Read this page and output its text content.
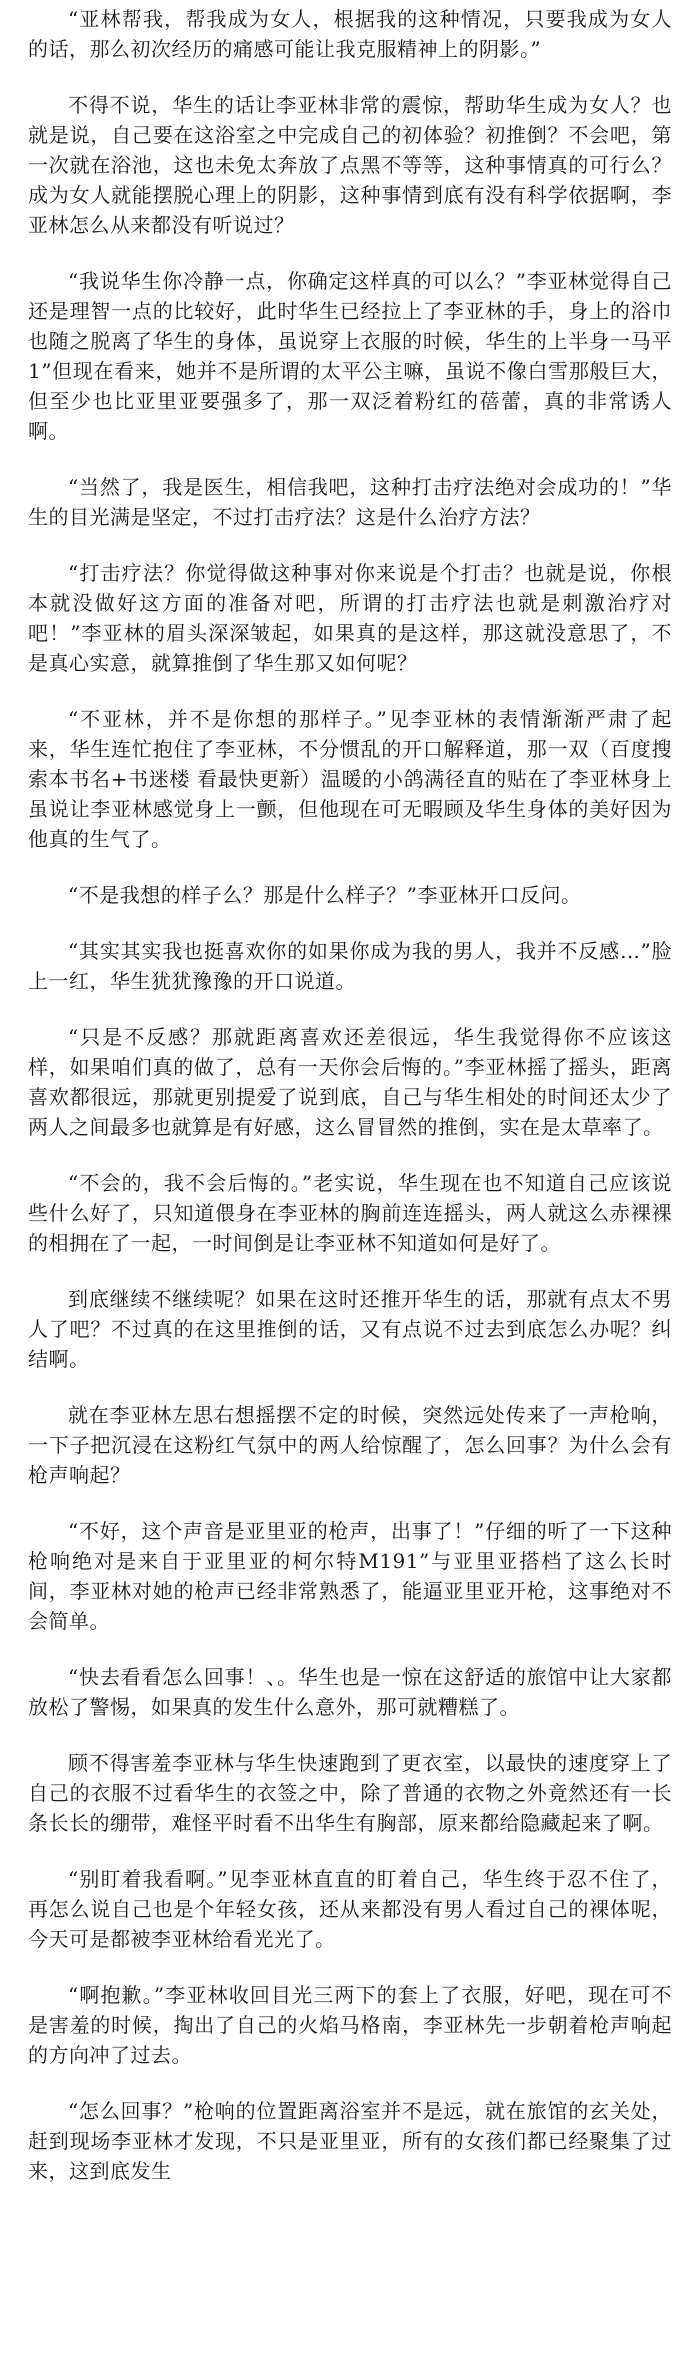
“亚林帮我，帮我成为女人，根据我的这种情况，只要我成为女人的话，那么初次经历的痛感可能让我克服精神上的阴影。”

不得不说，华生的话让李亚林非常的震惊，帮助华生成为女人？也就是说，自己要在这浴室之中完成自己的初体验？初推倒？不会吧，第一次就在浴池，这也未免太奔放了点黑不等等，这种事情真的可行么？成为女人就能摆脱心理上的阴影，这种事情到底有没有科学依据啊，李亚林怎么从来都没有听说过？

“我说华生你冷静一点，你确定这样真的可以么？”李亚林觉得自己还是理智一点的比较好，此时华生已经拉上了李亚林的手，身上的浴巾也随之脱离了华生的身体，虽说穿上衣服的时候，华生的上半身一马平1”但现在看来，她并不是所谓的太平公主嘛，虽说不像白雪那般巨大，但至少也比亚里亚要强多了，那一双泛着粉红的蓓蕾，真的非常诱人啊。

“当然了，我是医生，相信我吧，这种打击疗法绝对会成功的！”华生的目光满是坚定，不过打击疗法？这是什么治疗方法？

“打击疗法？你觉得做这种事对你来说是个打击？也就是说，你根本就没做好这方面的准备对吧，所谓的打击疗法也就是刺激治疗对吧！”李亚林的眉头深深皱起，如果真的是这样，那这就没意思了，不是真心实意，就算推倒了华生那又如何呢？

“不亚林，并不是你想的那样子。”见李亚林的表情渐渐严肃了起来，华生连忙抱住了李亚林，不分惯乱的开口解释道，那一双（百度搜索本书名+书迷楼 看最快更新）温暖的小鸽满径直的贴在了李亚林身上虽说让李亚林感觉身上一颤，但他现在可无暇顾及华生身体的美好因为他真的生气了。

“不是我想的样子么？那是什么样子？”李亚林开口反问。

“其实其实我也挺喜欢你的如果你成为我的男人，我并不反感…”脸上一红，华生犹犹豫豫的开口说道。

“只是不反感？那就距离喜欢还差很远，华生我觉得你不应该这样，如果咱们真的做了，总有一天你会后悔的。”李亚林摇了摇头，距离喜欢都很远，那就更别提爱了说到底，自己与华生相处的时间还太少了两人之间最多也就算是有好感，这么冒冒然的推倒，实在是太草率了。

“不会的，我不会后悔的。”老实说，华生现在也不知道自己应该说些什么好了，只知道偎身在李亚林的胸前连连摇头，两人就这么赤裸裸的相拥在了一起，一时间倒是让李亚林不知道如何是好了。

到底继续不继续呢？如果在这时还推开华生的话，那就有点太不男人了吧？不过真的在这里推倒的话，又有点说不过去到底怎么办呢？纠结啊。

就在李亚林左思右想摇摆不定的时候，突然远处传来了一声枪响，一下子把沉浸在这粉红气氛中的两人给惊醒了，怎么回事？为什么会有枪声响起？

“不好，这个声音是亚里亚的枪声，出事了！”仔细的听了一下这种枪响绝对是来自于亚里亚的柯尔特M191”与亚里亚搭档了这么长时间，李亚林对她的枪声已经非常熟悉了，能逼亚里亚开枪，这事绝对不会简单。

“快去看看怎么回事！、。华生也是一惊在这舒适的旅馆中让大家都放松了警惕，如果真的发生什么意外，那可就糟糕了。

顾不得害羞李亚林与华生快速跑到了更衣室，以最快的速度穿上了自己的衣服不过看华生的衣签之中，除了普通的衣物之外竟然还有一长条长长的绷带，难怪平时看不出华生有胸部，原来都给隐藏起来了啊。

“别盯着我看啊。”见李亚林直直的盯着自己，华生终于忍不住了，再怎么说自己也是个年轻女孩，还从来都没有男人看过自己的裸体呢，今天可是都被李亚林给看光光了。

“啊抱歉。”李亚林收回目光三两下的套上了衣服，好吧，现在可不是害羞的时候，掏出了自己的火焰马格南，李亚林先一步朝着枪声响起的方向冲了过去。

“怎么回事？”枪响的位置距离浴室并不是远，就在旅馆的玄关处，赶到现场李亚林才发现，不只是亚里亚，所有的女孩们都已经聚集了过来，这到底发生
